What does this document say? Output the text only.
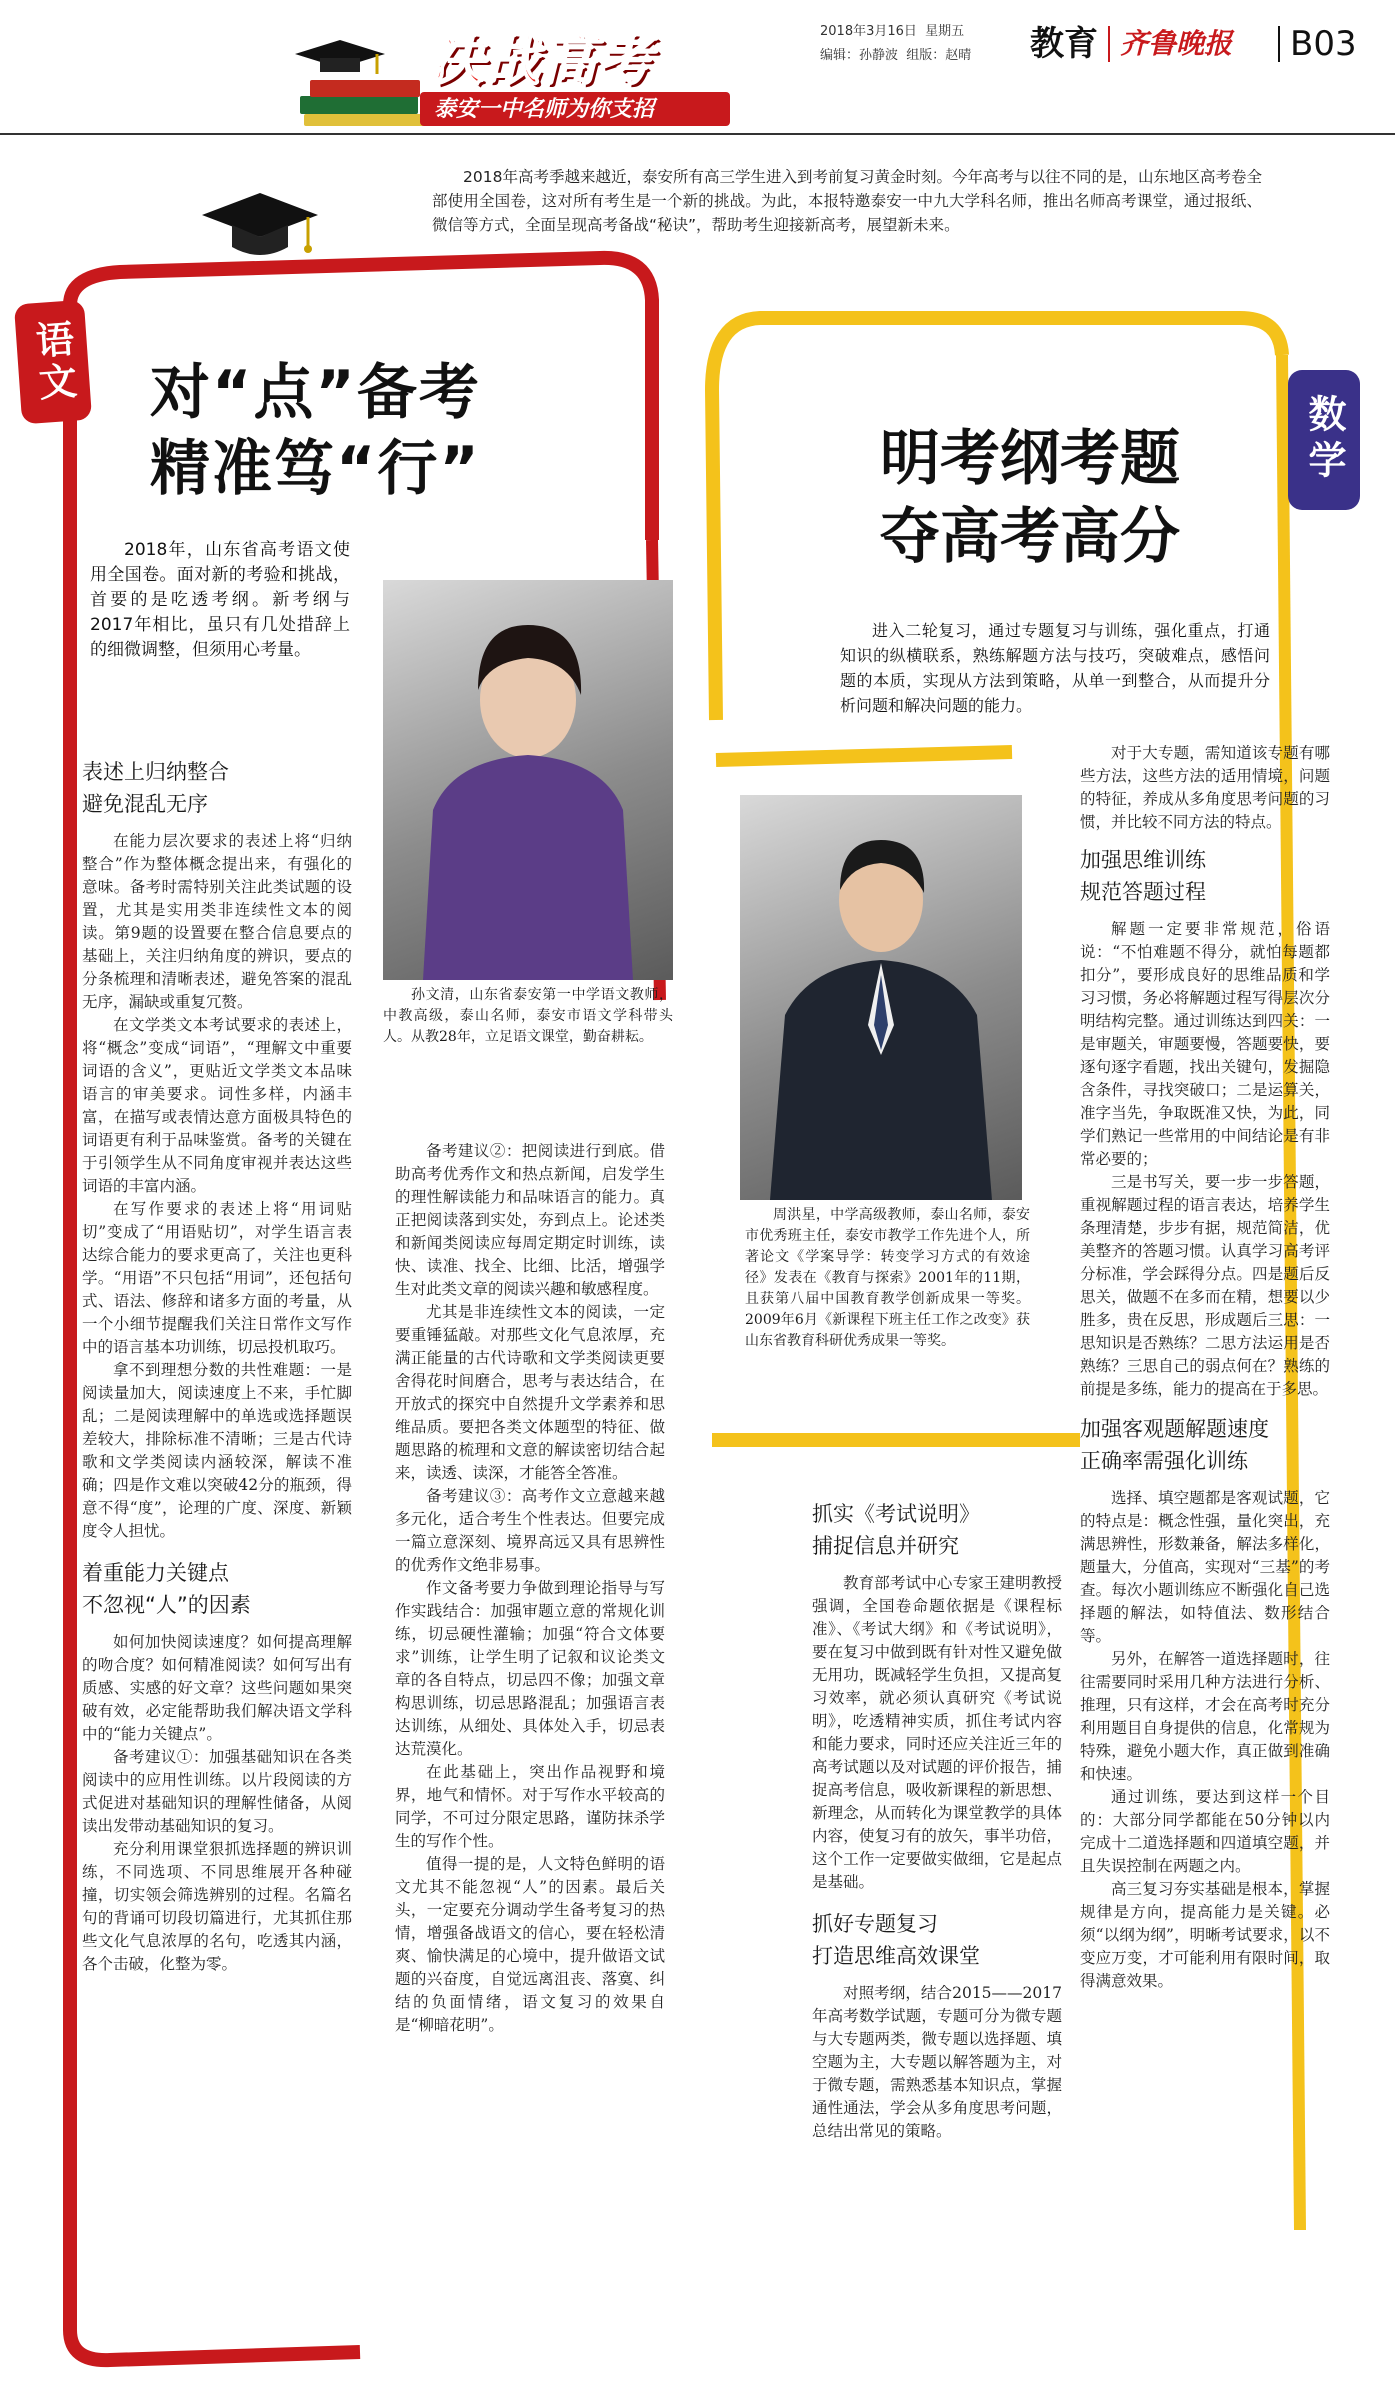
决战高考
泰安一中名师为你支招
2018年3月16日 星期五
编辑：孙静波 组版：赵晴	教育 齐鲁晚报 B03
2018年高考季越来越近，泰安所有高三学生进入到考前复习黄金时刻。今年高考与以往不同的是，山东地区高考卷全部使用全国卷，这对所有考生是一个新的挑战。为此，本报特邀泰安一中九大学科名师，推出名师高考课堂，通过报纸、微信等方式，全面呈现高考备战“秘诀”，帮助考生迎接新高考，展望新未来。
语文 对“点”备考
精准笃“行”
2018年，山东省高考语文使用全国卷。面对新的考验和挑战，首要的是吃透考纲。新考纲与2017年相比，虽只有几处措辞上的细微调整，但须用心考量。
孙文清，山东省泰安第一中学语文教师，中教高级，泰山名师，泰安市语文学科带头人。从教28年，立足语文课堂，勤奋耕耘。
表述上归纳整合
避免混乱无序

在能力层次要求的表述上将“归纳整合”作为整体概念提出来，有强化的意味。备考时需特别关注此类试题的设置，尤其是实用类非连续性文本的阅读。第9题的设置要在整合信息要点的基础上，关注归纳角度的辨识，要点的分条梳理和清晰表述，避免答案的混乱无序，漏缺或重复冗赘。

在文学类文本考试要求的表述上，将“概念”变成“词语”，“理解文中重要词语的含义”，更贴近文学类文本品味语言的审美要求。词性多样，内涵丰富，在描写或表情达意方面极具特色的词语更有利于品味鉴赏。备考的关键在于引领学生从不同角度审视并表达这些词语的丰富内涵。

在写作要求的表述上将“用词贴切”变成了“用语贴切”，对学生语言表达综合能力的要求更高了，关注也更科学。“用语”不只包括“用词”，还包括句式、语法、修辞和诸多方面的考量，从一个小细节提醒我们关注日常作文写作中的语言基本功训练，切忌投机取巧。

拿不到理想分数的共性难题：一是阅读量加大，阅读速度上不来，手忙脚乱；二是阅读理解中的单选或选择题误差较大，排除标准不清晰；三是古代诗歌和文学类阅读内涵较深，解读不准确；四是作文难以突破42分的瓶颈，得意不得“度”，论理的广度、深度、新颖度令人担忧。

着重能力关键点
不忽视“人”的因素

如何加快阅读速度？如何提高理解的吻合度？如何精准阅读？如何写出有质感、实感的好文章？这些问题如果突破有效，必定能帮助我们解决语文学科中的“能力关键点”。

备考建议①：加强基础知识在各类阅读中的应用性训练。以片段阅读的方式促进对基础知识的理解性储备，从阅读出发带动基础知识的复习。

充分利用课堂狠抓选择题的辨识训练，不同选项、不同思维展开各种碰撞，切实领会筛选辨别的过程。名篇名句的背诵可切段切篇进行，尤其抓住那些文化气息浓厚的名句，吃透其内涵，各个击破，化整为零。

备考建议②：把阅读进行到底。借助高考优秀作文和热点新闻，启发学生的理性解读能力和品味语言的能力。真正把阅读落到实处，夯到点上。论述类和新闻类阅读应每周定期定时训练，读快、读准、找全、比细、比活，增强学生对此类文章的阅读兴趣和敏感程度。

尤其是非连续性文本的阅读，一定要重锤猛敲。对那些文化气息浓厚，充满正能量的古代诗歌和文学类阅读更要舍得花时间磨合，思考与表达结合，在开放式的探究中自然提升文学素养和思维品质。要把各类文体题型的特征、做题思路的梳理和文意的解读密切结合起来，读透、读深，才能答全答准。

备考建议③：高考作文立意越来越多元化，适合考生个性表达。但要完成一篇立意深刻、境界高远又具有思辨性的优秀作文绝非易事。

作文备考要力争做到理论指导与写作实践结合：加强审题立意的常规化训练，切忌硬性灌输；加强“符合文体要求”训练，让学生明了记叙和议论类文章的各自特点，切忌四不像；加强文章构思训练，切忌思路混乱；加强语言表达训练，从细处、具体处入手，切忌表达荒漠化。

在此基础上，突出作品视野和境界，地气和情怀。对于写作水平较高的同学，不可过分限定思路，谨防抹杀学生的写作个性。

值得一提的是，人文特色鲜明的语文尤其不能忽视“人”的因素。最后关头，一定要充分调动学生备考复习的热情，增强备战语文的信心，要在轻松清爽、愉快满足的心境中，提升做语文试题的兴奋度，自觉远离沮丧、落寞、纠结的负面情绪，语文复习的效果自是“柳暗花明”。

数学
明考纲考题
夺高考高分
进入二轮复习，通过专题复习与训练，强化重点，打通知识的纵横联系，熟练解题方法与技巧，突破难点，感悟问题的本质，实现从方法到策略，从单一到整合，从而提升分析问题和解决问题的能力。
周洪星，中学高级教师，泰山名师，泰安市优秀班主任，泰安市教学工作先进个人，所著论文《学案导学：转变学习方式的有效途径》发表在《教育与探索》2001年的11期，且获第八届中国教育教学创新成果一等奖。2009年6月《新课程下班主任工作之改变》获山东省教育科研优秀成果一等奖。
抓实《考试说明》
捕捉信息并研究

教育部考试中心专家王建明教授强调，全国卷命题依据是《课程标准》、《考试大纲》和《考试说明》，要在复习中做到既有针对性又避免做无用功，既减轻学生负担，又提高复习效率，就必须认真研究《考试说明》，吃透精神实质，抓住考试内容和能力要求，同时还应关注近三年的高考试题以及对试题的评价报告，捕捉高考信息，吸收新课程的新思想、新理念，从而转化为课堂教学的具体内容，使复习有的放矢，事半功倍，这个工作一定要做实做细，它是起点是基础。

抓好专题复习
打造思维高效课堂

对照考纲，结合2015——2017年高考数学试题，专题可分为微专题与大专题两类，微专题以选择题、填空题为主，大专题以解答题为主，对于微专题，需熟悉基本知识点，掌握通性通法，学会从多角度思考问题，总结出常见的策略。

对于大专题，需知道该专题有哪些方法，这些方法的适用情境，问题的特征，养成从多角度思考问题的习惯，并比较不同方法的特点。

加强思维训练
规范答题过程

解题一定要非常规范，俗语说：“不怕难题不得分，就怕每题都扣分”，要形成良好的思维品质和学习习惯，务必将解题过程写得层次分明结构完整。通过训练达到四关：一是审题关，审题要慢，答题要快，要逐句逐字看题，找出关键句，发掘隐含条件，寻找突破口；二是运算关，准字当先，争取既准又快，为此，同学们熟记一些常用的中间结论是有非常必要的；

三是书写关，要一步一步答题，重视解题过程的语言表达，培养学生条理清楚，步步有据，规范简洁，优美整齐的答题习惯。认真学习高考评分标准，学会踩得分点。四是题后反思关，做题不在多而在精，想要以少胜多，贵在反思，形成题后三思：一思知识是否熟练？二思方法运用是否熟练？三思自己的弱点何在？熟练的前提是多练，能力的提高在于多思。

加强客观题解题速度
正确率需强化训练

选择、填空题都是客观试题，它的特点是：概念性强，量化突出，充满思辨性，形数兼备，解法多样化，题量大，分值高，实现对“三基”的考查。每次小题训练应不断强化自己选择题的解法，如特值法、数形结合等。

另外，在解答一道选择题时，往往需要同时采用几种方法进行分析、推理，只有这样，才会在高考时充分利用题目自身提供的信息，化常规为特殊，避免小题大作，真正做到准确和快速。

通过训练，要达到这样一个目的：大部分同学都能在50分钟以内完成十二道选择题和四道填空题，并且失误控制在两题之内。

高三复习夯实基础是根本，掌握规律是方向，提高能力是关键。必须“以纲为纲”，明晰考试要求，以不变应万变，才可能利用有限时间，取得满意效果。
